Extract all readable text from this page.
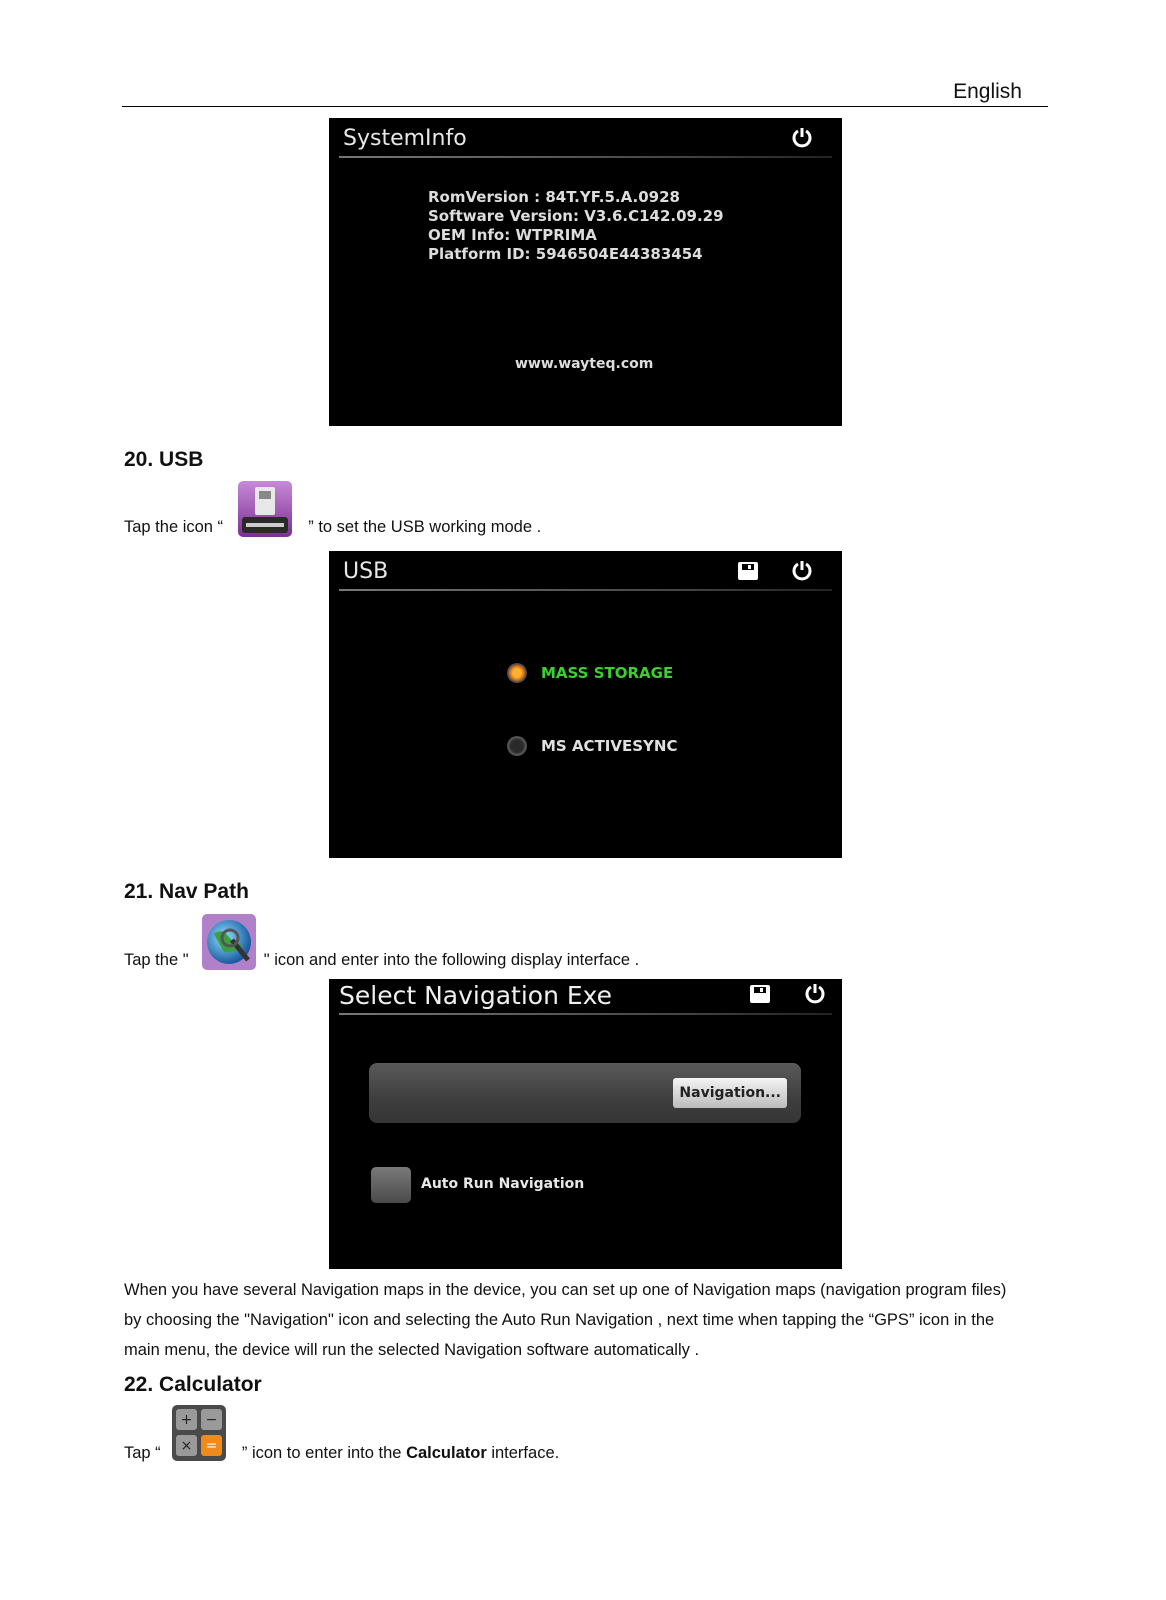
English
SystemInfo
RomVersion : 84T.YF.5.A.0928
Software Version: V3.6.C142.09.29
OEM Info: WTPRIMA
Platform ID: 5946504E44383454
www.wayteq.com
20. USB
Tap the icon “	” to set the USB working mode .
USB
MASS STORAGE
MS ACTIVESYNC
21. Nav Path
Tap the "	" icon and enter into the following display interface .
Select Navigation Exe
Navigation...
Auto Run Navigation
When you have several Navigation maps in the device, you can set up one of Navigation maps (navigation program files)
by choosing the "Navigation" icon and selecting the Auto Run Navigation , next time when tapping the “GPS” icon in the
main menu, the device will run the selected Navigation software automatically .
22. Calculator
Tap “	” icon to enter into the Calculator interface.
+ −
× =
